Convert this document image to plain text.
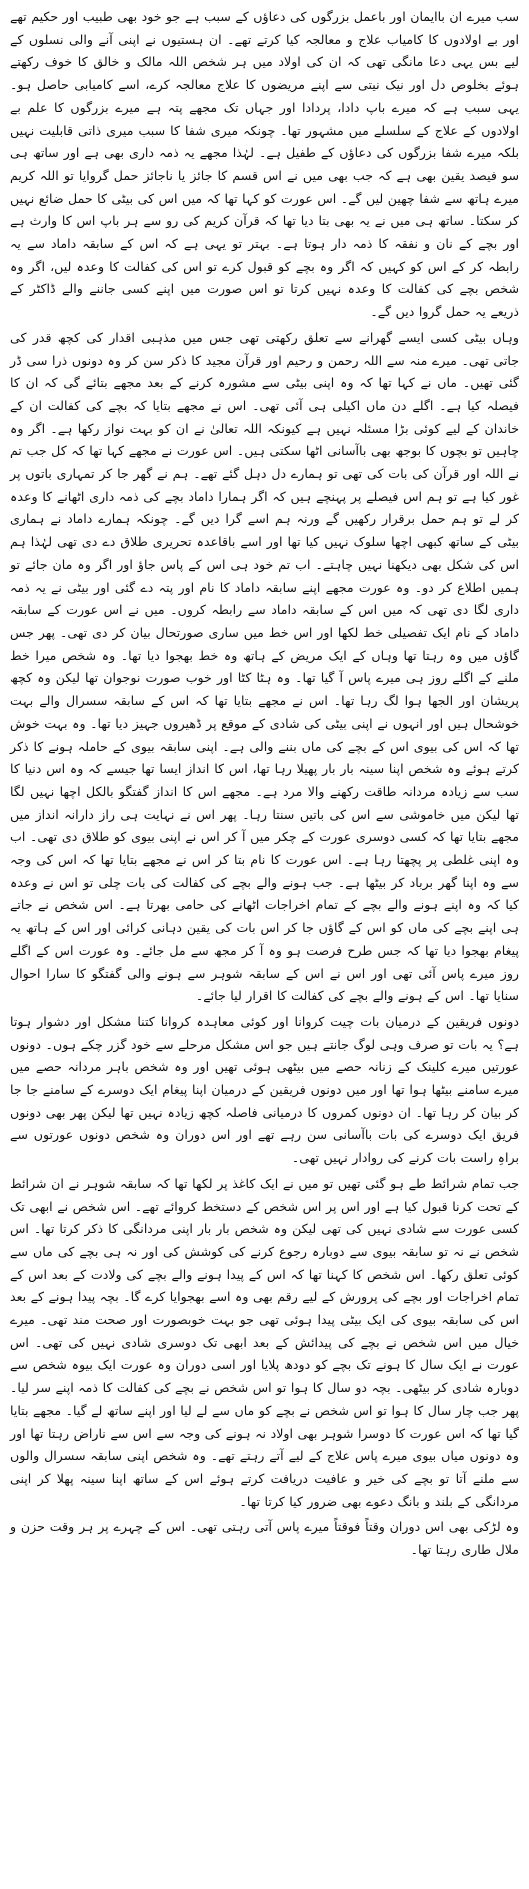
سب میرے ان باایمان اور باعمل بزرگوں کی دعاؤں کے سبب ہے جو خود بھی طبیب اور حکیم تھے اور بے اولادوں کا کامیاب علاج و معالجہ کیا کرتے تھے۔ ان ہستیوں نے اپنی آنے والی نسلوں کے لیے بس یہی دعا مانگی تھی کہ ان کی اولاد میں ہر شخص اللہ مالک و خالق کا خوف رکھتے ہوئے بخلوص دل اور نیک نیتی سے اپنے مریضوں کا علاج معالجہ کرے، اسے کامیابی حاصل ہو۔ یہی سبب ہے کہ میرے باپ دادا، پردادا اور جہاں تک مجھے پتہ ہے میرے بزرگوں کا علم بے اولادوں کے علاج کے سلسلے میں مشہور تھا۔ چونکہ میری شفا کا سبب میری ذاتی قابلیت نہیں بلکہ میرے شفا بزرگوں کی دعاؤں کے طفیل ہے۔ لہٰذا مجھے یہ ذمہ داری بھی ہے اور ساتھ ہی سو فیصد یقین بھی ہے کہ جب بھی میں نے اس قسم کا جائز یا ناجائز حمل گروایا تو اللہ کریم میرے ہاتھ سے شفا چھین لیں گے۔ اس عورت کو کہا تھا کہ میں اس کی بیٹی کا حمل ضائع نہیں کر سکتا۔ ساتھ ہی میں نے یہ بھی بتا دیا تھا کہ قرآن کریم کی رو سے ہر باپ اس کا وارث ہے اور بچے کے نان و نفقہ کا ذمہ دار ہوتا ہے۔ بہتر تو یہی ہے کہ اس کے سابقہ داماد سے یہ رابطہ کر کے اس کو کہیں کہ اگر وہ بچے کو قبول کرے تو اس کی کفالت کا وعدہ لیں، اگر وہ شخص بچے کی کفالت کا وعدہ نہیں کرتا تو اس صورت میں اپنے کسی جاننے والے ڈاکٹر کے ذریعے یہ حمل گروا دیں گے۔

وہاں بیٹی کسی ایسے گھرانے سے تعلق رکھتی تھی جس میں مذہبی اقدار کی کچھ قدر کی جاتی تھی۔ میرے منہ سے اللہ رحمن و رحیم اور قرآن مجید کا ذکر سن کر وہ دونوں ذرا سی ڈر گئی تھیں۔ ماں نے کہا تھا کہ وہ اپنی بیٹی سے مشورہ کرنے کے بعد مجھے بتائے گی کہ ان کا فیصلہ کیا ہے۔ اگلے دن ماں اکیلی ہی آئی تھی۔ اس نے مجھے بتایا کہ بچے کی کفالت ان کے خاندان کے لیے کوئی بڑا مسئلہ نہیں ہے کیونکہ اللہ تعالیٰ نے ان کو بہت نواز رکھا ہے۔ اگر وہ چاہیں تو بچوں کا بوجھ بھی باآسانی اٹھا سکتی ہیں۔ اس عورت نے مجھے کہا تھا کہ کل جب تم نے اللہ اور قرآن کی بات کی تھی تو ہمارے دل دہل گئے تھے۔ ہم نے گھر جا کر تمہاری باتوں پر غور کیا ہے تو ہم اس فیصلے پر پہنچے ہیں کہ اگر ہمارا داماد بچے کی ذمہ داری اٹھانے کا وعدہ کر لے تو ہم حمل برقرار رکھیں گے ورنہ ہم اسے گرا دیں گے۔ چونکہ ہمارے داماد نے ہماری بیٹی کے ساتھ کبھی اچھا سلوک نہیں کیا تھا اور اسے باقاعدہ تحریری طلاق دے دی تھی لہٰذا ہم اس کی شکل بھی دیکھنا نہیں چاہتے۔ اب تم خود ہی اس کے پاس جاؤ اور اگر وہ مان جائے تو ہمیں اطلاع کر دو۔ وہ عورت مجھے اپنے سابقہ داماد کا نام اور پتہ دے گئی اور بیٹی نے یہ ذمہ داری لگا دی تھی کہ میں اس کے سابقہ داماد سے رابطہ کروں۔ میں نے اس عورت کے سابقہ داماد کے نام ایک تفصیلی خط لکھا اور اس خط میں ساری صورتحال بیان کر دی تھی۔ پھر جس گاؤں میں وہ رہتا تھا وہاں کے ایک مریض کے ہاتھ وہ خط بھجوا دیا تھا۔ وہ شخص میرا خط ملنے کے اگلے روز ہی میرے پاس آ گیا تھا۔ وہ ہٹا کٹا اور خوب صورت نوجوان تھا لیکن وہ کچھ پریشان اور الجھا ہوا لگ رہا تھا۔ اس نے مجھے بتایا تھا کہ اس کے سابقہ سسرال والے بہت خوشحال ہیں اور انہوں نے اپنی بیٹی کی شادی کے موقع پر ڈھیروں جہیز دیا تھا۔ وہ بہت خوش تھا کہ اس کی بیوی اس کے بچے کی ماں بننے والی ہے۔ اپنی سابقہ بیوی کے حاملہ ہونے کا ذکر کرتے ہوئے وہ شخص اپنا سینہ بار بار پھیلا رہا تھا، اس کا انداز ایسا تھا جیسے کہ وہ اس دنیا کا سب سے زیادہ مردانہ طاقت رکھنے والا مرد ہے۔ مجھے اس کا انداز گفتگو بالکل اچھا نہیں لگا تھا لیکن میں خاموشی سے اس کی باتیں سنتا رہا۔ پھر اس نے نہایت ہی راز دارانہ انداز میں مجھے بتایا تھا کہ کسی دوسری عورت کے چکر میں آ کر اس نے اپنی بیوی کو طلاق دی تھی۔ اب وہ اپنی غلطی پر پچھتا رہا ہے۔ اس عورت کا نام بتا کر اس نے مجھے بتایا تھا کہ اس کی وجہ سے وہ اپنا گھر برباد کر بیٹھا ہے۔ جب ہونے والے بچے کی کفالت کی بات چلی تو اس نے وعدہ کیا کہ وہ اپنے ہونے والے بچے کے تمام اخراجات اٹھانے کی حامی بھرتا ہے۔ اس شخص نے جاتے ہی اپنے بچے کی ماں کو اس کے گاؤں جا کر اس بات کی یقین دہانی کرائی اور اس کے ہاتھ یہ پیغام بھجوا دیا تھا کہ جس طرح فرصت ہو وہ آ کر مجھ سے مل جائے۔ وہ عورت اس کے اگلے روز میرے پاس آئی تھی اور اس نے اس کے سابقہ شوہر سے ہونے والی گفتگو کا سارا احوال سنایا تھا۔ اس کے ہونے والے بچے کی کفالت کا اقرار لیا جائے۔

دونوں فریقین کے درمیان بات چیت کروانا اور کوئی معاہدہ کروانا کتنا مشکل اور دشوار ہوتا ہے؟ یہ بات تو صرف وہی لوگ جانتے ہیں جو اس مشکل مرحلے سے خود گزر چکے ہوں۔ دونوں عورتیں میرے کلینک کے زنانہ حصے میں بیٹھی ہوئی تھیں اور وہ شخص باہر مردانہ حصے میں میرے سامنے بیٹھا ہوا تھا اور میں دونوں فریقین کے درمیان اپنا پیغام ایک دوسرے کے سامنے جا جا کر بیان کر رہا تھا۔ ان دونوں کمروں کا درمیانی فاصلہ کچھ زیادہ نہیں تھا لیکن پھر بھی دونوں فریق ایک دوسرے کی بات باآسانی سن رہے تھے اور اس دوران وہ شخص دونوں عورتوں سے براہِ راست بات کرنے کی روادار نہیں تھی۔

جب تمام شرائط طے ہو گئی تھیں تو میں نے ایک کاغذ پر لکھا تھا کہ سابقہ شوہر نے ان شرائط کے تحت کرنا قبول کیا ہے اور اس پر اس شخص کے دستخط کروائے تھے۔ اس شخص نے ابھی تک کسی عورت سے شادی نہیں کی تھی لیکن وہ شخص بار بار اپنی مردانگی کا ذکر کرتا تھا۔ اس شخص نے نہ تو سابقہ بیوی سے دوبارہ رجوع کرنے کی کوشش کی اور نہ ہی بچے کی ماں سے کوئی تعلق رکھا۔ اس شخص کا کہنا تھا کہ اس کے پیدا ہونے والے بچے کی ولادت کے بعد اس کے تمام اخراجات اور بچے کی پرورش کے لیے رقم بھی وہ اسے بھجوایا کرے گا۔ بچہ پیدا ہونے کے بعد اس کی سابقہ بیوی کی ایک بیٹی پیدا ہوئی تھی جو بہت خوبصورت اور صحت مند تھی۔ میرے خیال میں اس شخص نے بچے کی پیدائش کے بعد ابھی تک دوسری شادی نہیں کی تھی۔ اس عورت نے ایک سال کا ہونے تک بچے کو دودھ پلایا اور اسی دوران وہ عورت ایک بیوہ شخص سے دوبارہ شادی کر بیٹھی۔ بچہ دو سال کا ہوا تو اس شخص نے بچے کی کفالت کا ذمہ اپنے سر لیا۔ پھر جب چار سال کا ہوا تو اس شخص نے بچے کو ماں سے لے لیا اور اپنے ساتھ لے گیا۔ مجھے بتایا گیا تھا کہ اس عورت کا دوسرا شوہر بھی اولاد نہ ہونے کی وجہ سے اس سے ناراض رہتا تھا اور وہ دونوں میاں بیوی میرے پاس علاج کے لیے آتے رہتے تھے۔ وہ شخص اپنی سابقہ سسرال والوں سے ملنے آتا تو بچے کی خیر و عافیت دریافت کرتے ہوئے اس کے ساتھ اپنا سینہ پھلا کر اپنی مردانگی کے بلند و بانگ دعوے بھی ضرور کیا کرتا تھا۔

وہ لڑکی بھی اس دوران وقتاً فوقتاً میرے پاس آتی رہتی تھی۔ اس کے چہرے پر ہر وقت حزن و ملال طاری رہتا تھا۔
